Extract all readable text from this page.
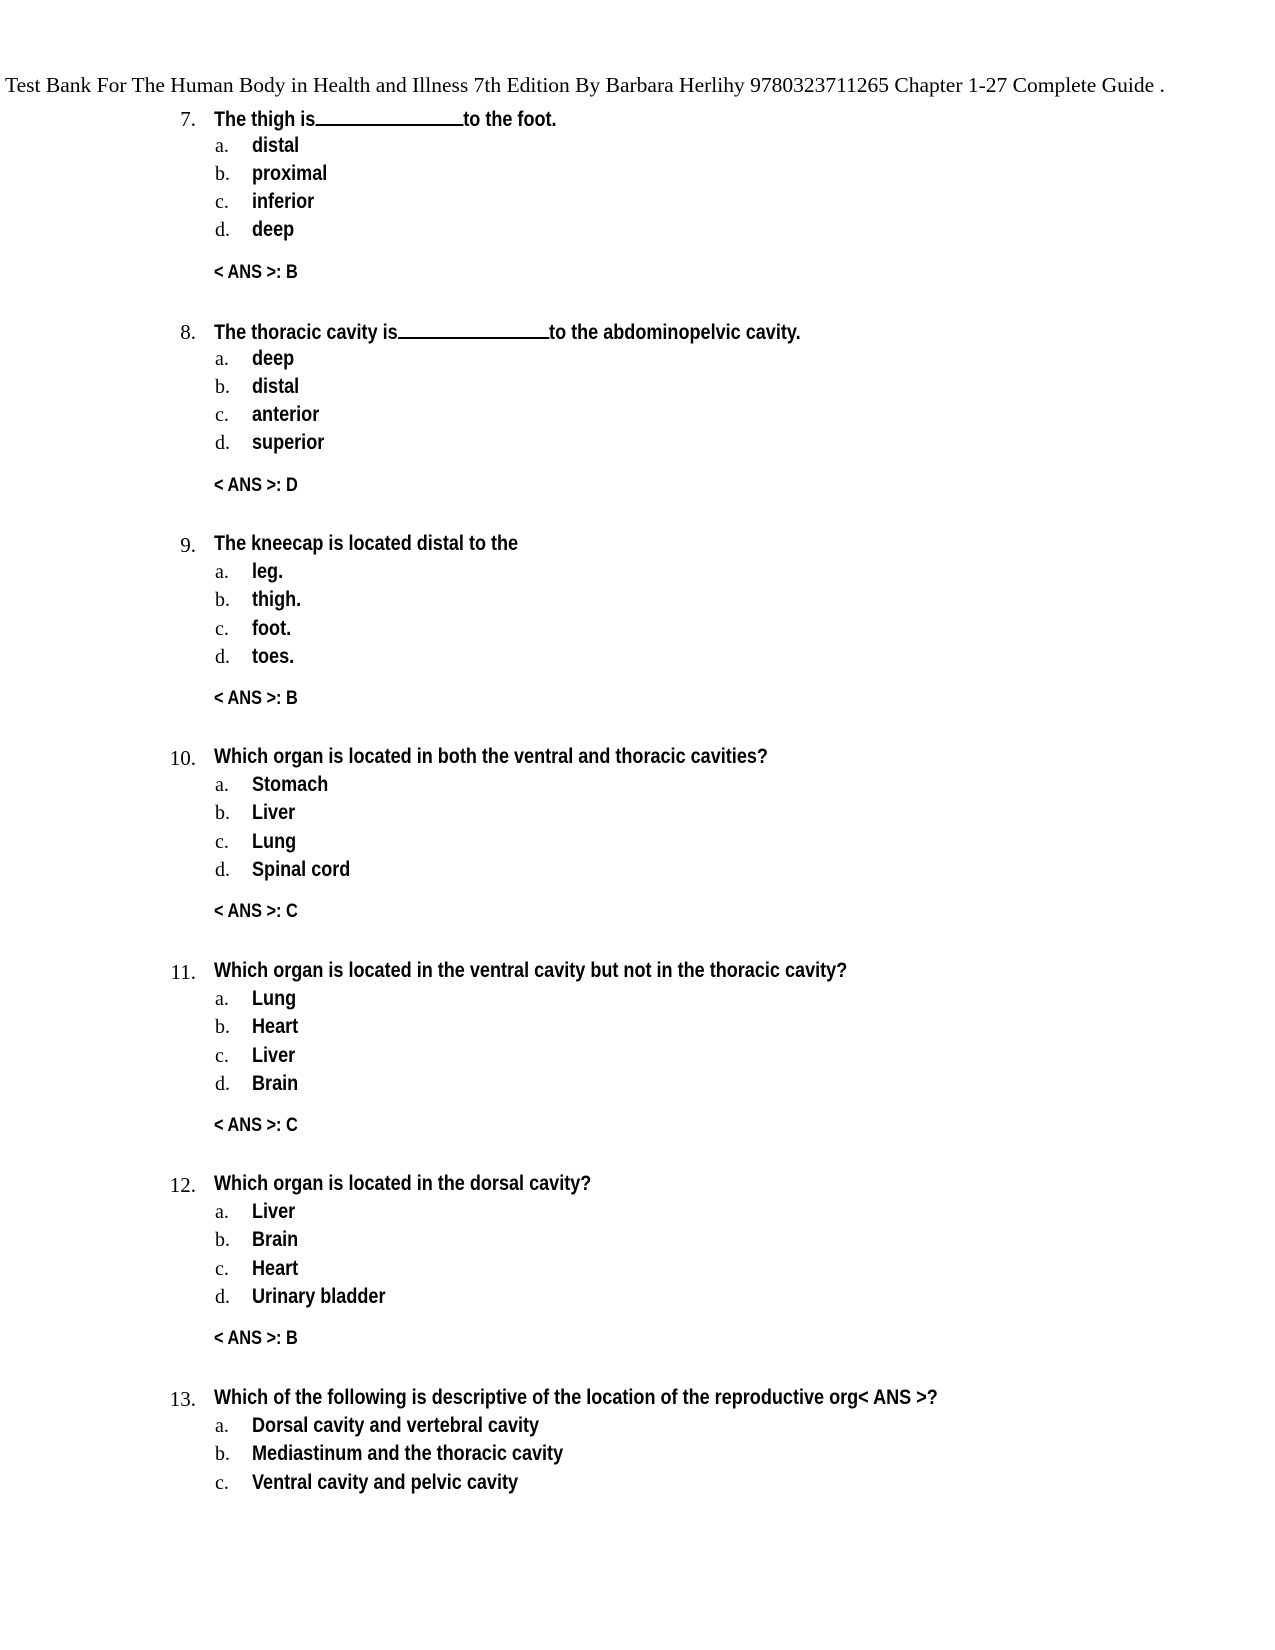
Test Bank For The Human Body in Health and Illness 7th Edition By Barbara Herlihy 9780323711265 Chapter 1-27 Complete Guide .
7. The thigh is	to the foot.
a. distal
b. proximal
c. inferior
d. deep
< ANS >: B
8. The thoracic cavity is	to the abdominopelvic cavity.
a. deep
b. distal
c. anterior
d. superior
< ANS >: D
9. The kneecap is located distal to the
a. leg.
b. thigh.
c. foot.
d. toes.
< ANS >: B
10. Which organ is located in both the ventral and thoracic cavities?
a. Stomach
b. Liver
c. Lung
d. Spinal cord
< ANS >: C
11. Which organ is located in the ventral cavity but not in the thoracic cavity?
a. Lung
b. Heart
c. Liver
d. Brain
< ANS >: C
12. Which organ is located in the dorsal cavity?
a. Liver
b. Brain
c. Heart
d. Urinary bladder
< ANS >: B
13. Which of the following is descriptive of the location of the reproductive org< ANS >?
a. Dorsal cavity and vertebral cavity
b. Mediastinum and the thoracic cavity
c. Ventral cavity and pelvic cavity
